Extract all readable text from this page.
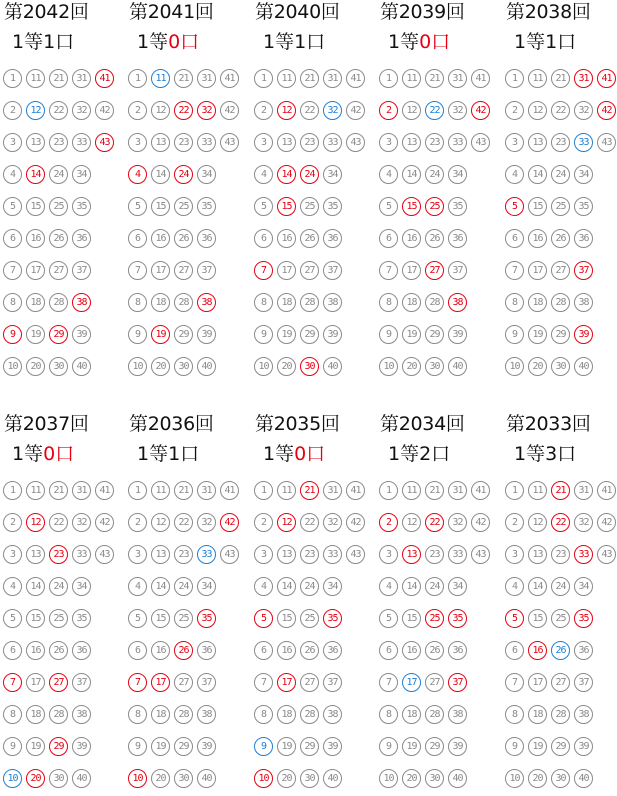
第2042回
1等1口
1	11	21	31	41
2	12	22	32	42
3	13	23	33	43
4	14	24	34
5	15	25	35
6	16	26	36
7	17	27	37
8	18	28	38
9	19	29	39
10	20	30	40
第2041回
1等0口
1	11	21	31	41
2	12	22	32	42
3	13	23	33	43
4	14	24	34
5	15	25	35
6	16	26	36
7	17	27	37
8	18	28	38
9	19	29	39
10	20	30	40
第2040回
1等1口
1	11	21	31	41
2	12	22	32	42
3	13	23	33	43
4	14	24	34
5	15	25	35
6	16	26	36
7	17	27	37
8	18	28	38
9	19	29	39
10	20	30	40
第2039回
1等0口
1	11	21	31	41
2	12	22	32	42
3	13	23	33	43
4	14	24	34
5	15	25	35
6	16	26	36
7	17	27	37
8	18	28	38
9	19	29	39
10	20	30	40
第2038回
1等1口
1	11	21	31	41
2	12	22	32	42
3	13	23	33	43
4	14	24	34
5	15	25	35
6	16	26	36
7	17	27	37
8	18	28	38
9	19	29	39
10	20	30	40
第2037回
1等0口
1	11	21	31	41
2	12	22	32	42
3	13	23	33	43
4	14	24	34
5	15	25	35
6	16	26	36
7	17	27	37
8	18	28	38
9	19	29	39
10	20	30	40
第2036回
1等1口
1	11	21	31	41
2	12	22	32	42
3	13	23	33	43
4	14	24	34
5	15	25	35
6	16	26	36
7	17	27	37
8	18	28	38
9	19	29	39
10	20	30	40
第2035回
1等0口
1	11	21	31	41
2	12	22	32	42
3	13	23	33	43
4	14	24	34
5	15	25	35
6	16	26	36
7	17	27	37
8	18	28	38
9	19	29	39
10	20	30	40
第2034回
1等2口
1	11	21	31	41
2	12	22	32	42
3	13	23	33	43
4	14	24	34
5	15	25	35
6	16	26	36
7	17	27	37
8	18	28	38
9	19	29	39
10	20	30	40
第2033回
1等3口
1	11	21	31	41
2	12	22	32	42
3	13	23	33	43
4	14	24	34
5	15	25	35
6	16	26	36
7	17	27	37
8	18	28	38
9	19	29	39
10	20	30	40
